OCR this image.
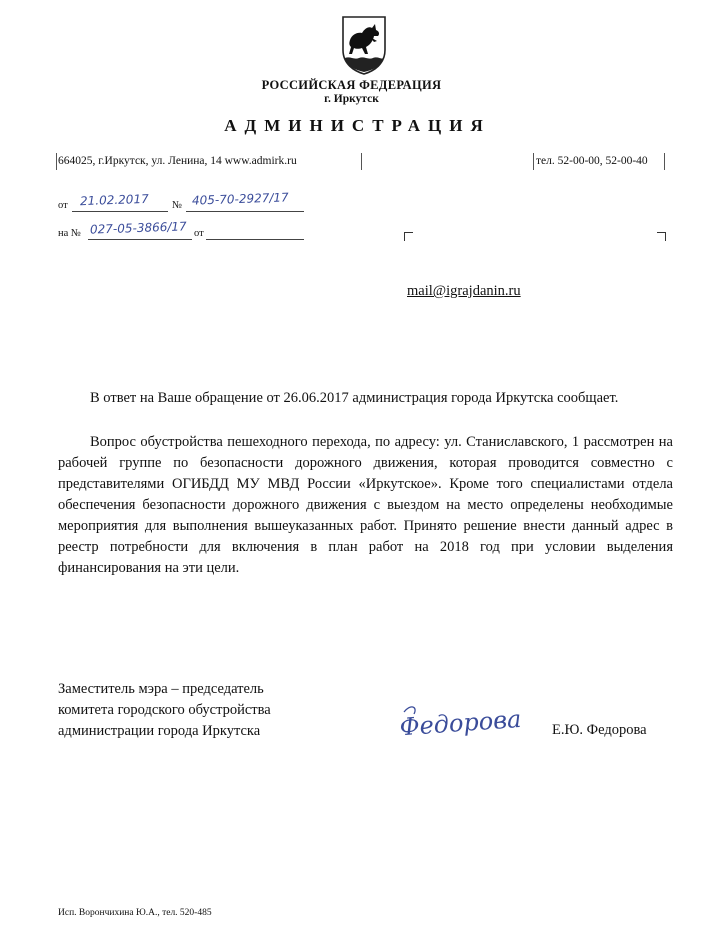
РОССИЙСКАЯ ФЕДЕРАЦИЯ
г. Иркутск
АДМИНИСТРАЦИЯ
664025, г.Иркутск, ул. Ленина, 14 www.admirk.ru	тел. 52-00-00, 52-00-40
от 21.02.2017 № 405-70-2927/17
на № 027-05-3866/17 от
mail@igrajdanin.ru

В ответ на Ваше обращение от 26.06.2017 администрация города Иркутска сообщает.

Вопрос обустройства пешеходного перехода, по адресу: ул. Станиславского, 1 рассмотрен на рабочей группе по безопасности дорожного движения, которая проводится совместно с представителями ОГИБДД МУ МВД России «Иркутское». Кроме того специалистами отдела обеспечения безопасности дорожного движения с выездом на место определены необходимые мероприятия для выполнения вышеуказанных работ. Принято решение внести данный адрес в реестр потребности для включения в план работ на 2018 год при условии выделения финансирования на эти цели.

Заместитель мэра – председатель
комитета городского обустройства
администрации города Иркутска	Федорова Е.Ю. Федорова
Исп. Ворончихина Ю.А., тел. 520-485
